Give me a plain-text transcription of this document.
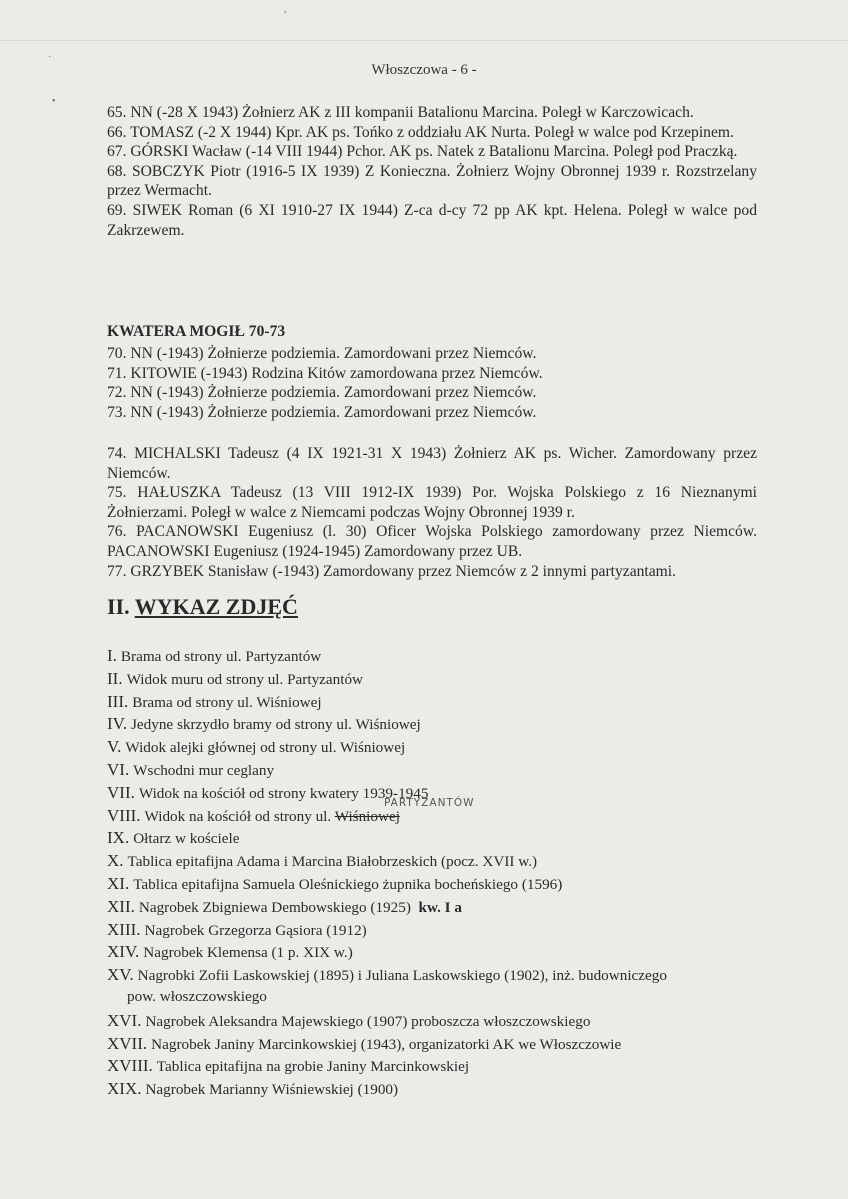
,
·
•
Włoszczowa - 6 -

65. NN (-28 X 1943) Żołnierz AK z III kompanii Batalionu Marcina. Poległ w Karczowicach.

66. TOMASZ (-2 X 1944) Kpr. AK ps. Tońko z oddziału AK Nurta. Poległ w walce pod Krzepinem.

67. GÓRSKI Wacław (-14 VIII 1944) Pchor. AK ps. Natek z Batalionu Marcina. Poległ pod Praczką.

68. SOBCZYK Piotr (1916-5 IX 1939) Z Konieczna. Żołnierz Wojny Obronnej 1939 r. Rozstrzelany przez Wermacht.

69. SIWEK Roman (6 XI 1910-27 IX 1944) Z-ca d-cy 72 pp AK kpt. Helena. Poległ w walce pod Zakrzewem.

KWATERA MOGIŁ 70-73

70. NN (-1943) Żołnierze podziemia. Zamordowani przez Niemców.

71. KITOWIE (-1943) Rodzina Kitów zamordowana przez Niemców.

72. NN (-1943) Żołnierze podziemia. Zamordowani przez Niemców.

73. NN (-1943) Żołnierze podziemia. Zamordowani przez Niemców.

74. MICHALSKI Tadeusz (4 IX 1921-31 X 1943) Żołnierz AK ps. Wicher. Zamordowany przez Niemców.

75. HAŁUSZKA Tadeusz (13 VIII 1912-IX 1939) Por. Wojska Polskiego z 16 Nieznanymi Żołnierzami. Poległ w walce z Niemcami podczas Wojny Obronnej 1939 r.

76. PACANOWSKI Eugeniusz (l. 30) Oficer Wojska Polskiego zamordowany przez Niemców. PACANOWSKI Eugeniusz (1924-1945) Zamordowany przez UB.

77. GRZYBEK Stanisław (-1943) Zamordowany przez Niemców z 2 innymi partyzantami.

II. WYKAZ ZDJĘĆ
I. Brama od strony ul. Partyzantów
II. Widok muru od strony ul. Partyzantów
III. Brama od strony ul. Wiśniowej
IV. Jedyne skrzydło bramy od strony ul. Wiśniowej
V. Widok alejki głównej od strony ul. Wiśniowej
VI. Wschodni mur ceglany
VII. Widok na kościół od strony kwatery 1939-1945
VIII. Widok na kościół od strony ul. Wiśniowej
IX. Ołtarz w kościele
X. Tablica epitafijna Adama i Marcina Białobrzeskich (pocz. XVII w.)
XI. Tablica epitafijna Samuela Oleśnickiego żupnika bocheńskiego (1596)
XII. Nagrobek Zbigniewa Dembowskiego (1925) kw. I a
XIII. Nagrobek Grzegorza Gąsiora (1912)
XIV. Nagrobek Klemensa (1 p. XIX w.)
XV. Nagrobki Zofii Laskowskiej (1895) i Juliana Laskowskiego (1902), inż. budowniczego
pow. włoszczowskiego
XVI. Nagrobek Aleksandra Majewskiego (1907) proboszcza włoszczowskiego
XVII. Nagrobek Janiny Marcinkowskiej (1943), organizatorki AK we Włoszczowie
XVIII. Tablica epitafijna na grobie Janiny Marcinkowskiej
XIX. Nagrobek Marianny Wiśniewskiej (1900)
PARTYZANTÓW
